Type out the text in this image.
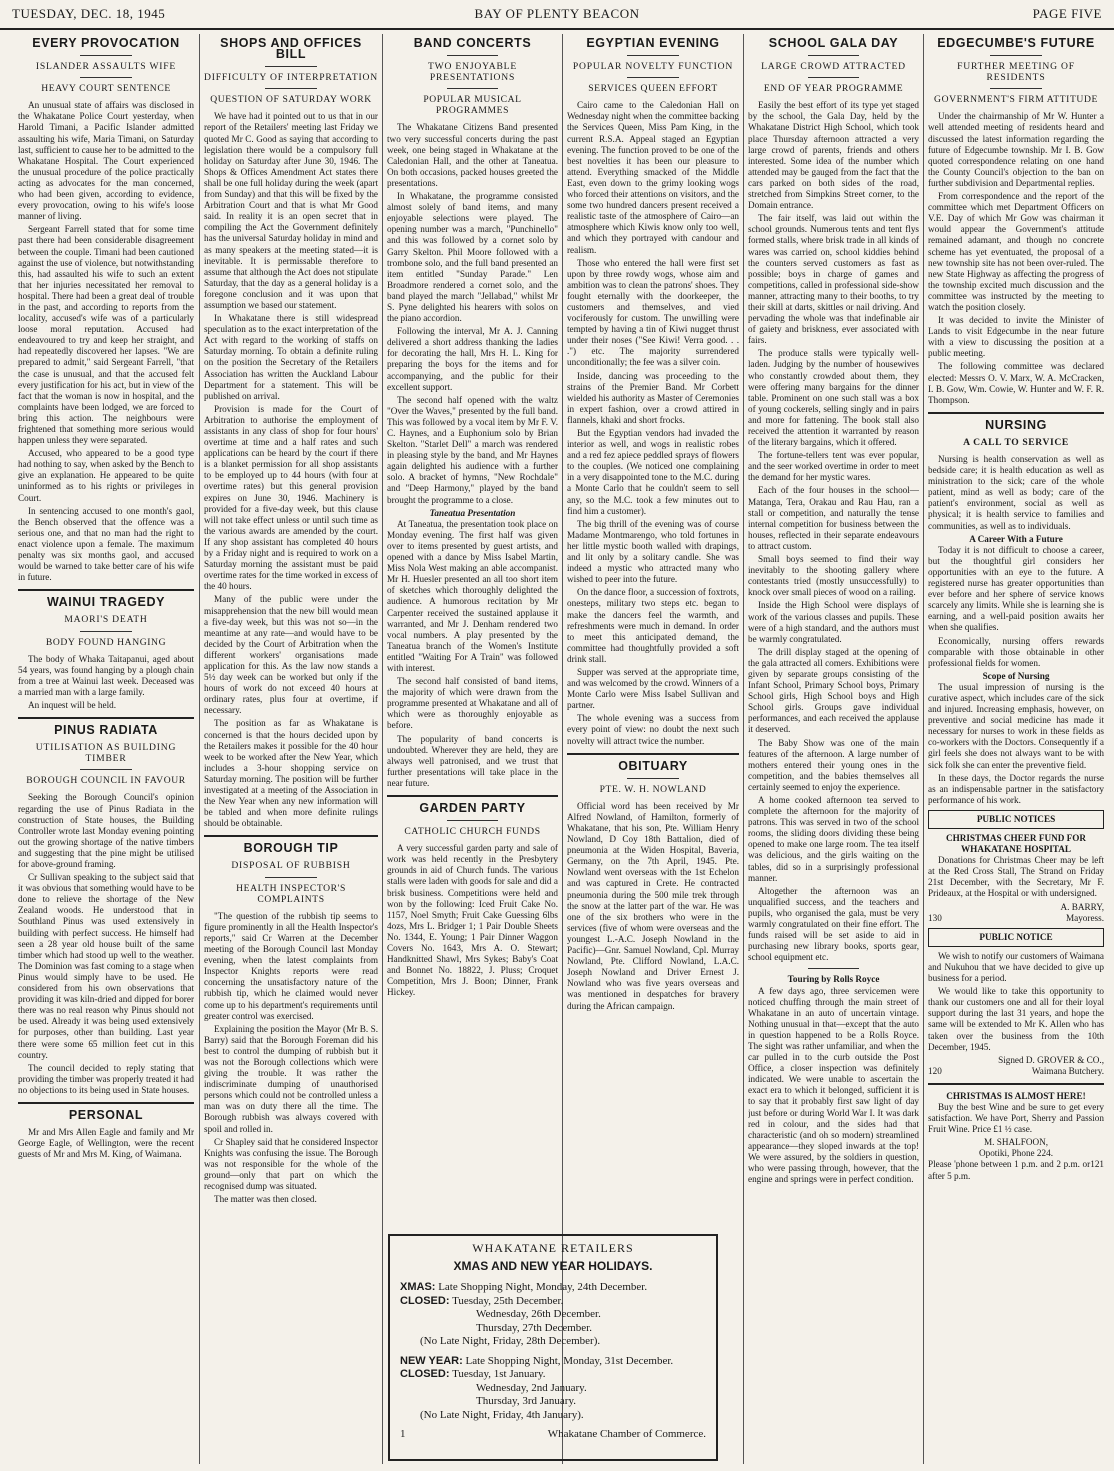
TUESDAY, DEC. 18, 1945	BAY OF PLENTY BEACON	PAGE FIVE
EVERY PROVOCATION
ISLANDER ASSAULTS WIFE
HEAVY COURT SENTENCE

An unusual state of affairs was disclosed in the Whakatane Police Court yesterday, when Harold Timani, a Pacific Islander admitted assaulting his wife, Maria Timani, on Saturday last, sufficient to cause her to be admitted to the Whakatane Hospital. The Court experienced the unusual procedure of the police practically acting as advocates for the man concerned, who had been given, according to evidence, every provocation, owing to his wife's loose manner of living.

Sergeant Farrell stated that for some time past there had been considerable disagreement between the couple. Timani had been cautioned against the use of violence, but notwithstanding this, had assaulted his wife to such an extent that her injuries necessitated her removal to hospital. There had been a great deal of trouble in the past, and according to reports from the locality, accused's wife was of a particularly loose moral reputation. Accused had endeavoured to try and keep her straight, and had repeatedly discovered her lapses. "We are prepared to admit," said Sergeant Farrell, "that the case is unusual, and that the accused felt every justification for his act, but in view of the fact that the woman is now in hospital, and the complaints have been lodged, we are forced to bring this action. The neighbours were frightened that something more serious would happen unless they were separated.

Accused, who appeared to be a good type had nothing to say, when asked by the Bench to give an explanation. He appeared to be quite uninformed as to his rights or privileges in Court.

In sentencing accused to one month's gaol, the Bench observed that the offence was a serious one, and that no man had the right to enact violence upon a female. The maximum penalty was six months gaol, and accused would be warned to take better care of his wife in future.

WAINUI TRAGEDY
MAORI'S DEATH
BODY FOUND HANGING

The body of Whaka Taitapanui, aged about 54 years, was found hanging by a plough chain from a tree at Wainui last week. Deceased was a married man with a large family.

An inquest will be held.

PINUS RADIATA
UTILISATION AS BUILDING TIMBER
BOROUGH COUNCIL IN FAVOUR

Seeking the Borough Council's opinion regarding the use of Pinus Radiata in the construction of State houses, the Building Controller wrote last Monday evening pointing out the growing shortage of the native timbers and suggesting that the pine might be utilised for above-ground framing.

Cr Sullivan speaking to the subject said that it was obvious that something would have to be done to relieve the shortage of the New Zealand woods. He understood that in Southland Pinus was used extensively in building with perfect success. He himself had seen a 28 year old house built of the same timber which had stood up well to the weather. The Dominion was fast coming to a stage when Pinus would simply have to be used. He considered from his own observations that providing it was kiln-dried and dipped for borer there was no real reason why Pinus should not be used. Already it was being used extensively for purposes, other than building. Last year there were some 65 million feet cut in this country.

The council decided to reply stating that providing the timber was properly treated it had no objections to its being used in State houses.

PERSONAL

Mr and Mrs Allen Eagle and family and Mr George Eagle, of Wellington, were the recent guests of Mr and Mrs M. King, of Waimana.

SHOPS AND OFFICES BILL
DIFFICULTY OF INTERPRETATION
QUESTION OF SATURDAY WORK

We have had it pointed out to us that in our report of the Retailers' meeting last Friday we quoted Mr C. Good as saying that according to legislation there would be a compulsory full holiday on Saturday after June 30, 1946. The Shops & Offices Amendment Act states there shall be one full holiday during the week (apart from Sunday) and that this will be fixed by the Arbitration Court and that is what Mr Good said. In reality it is an open secret that in compiling the Act the Government definitely has the universal Saturday holiday in mind and as many speakers at the meeting stated—it is inevitable. It is permissable therefore to assume that although the Act does not stipulate Saturday, that the day as a general holiday is a foregone conclusion and it was upon that assumption we based our statement.

In Whakatane there is still widespread speculation as to the exact interpretation of the Act with regard to the working of staffs on Saturday morning. To obtain a definite ruling on the position the Secretary of the Retailers Association has written the Auckland Labour Department for a statement. This will be published on arrival.

Provision is made for the Court of Arbitration to authorise the employment of assistants in any class of shop for four hours' overtime at time and a half rates and such applications can be heard by the court if there is a blanket permission for all shop assistants to be employed up to 44 hours (with four at overtime rates) but this general provision expires on June 30, 1946. Machinery is provided for a five-day week, but this clause will not take effect unless or until such time as the various awards are amended by the court. If any shop assistant has completed 40 hours by a Friday night and is required to work on a Saturday morning the assistant must be paid overtime rates for the time worked in excess of the 40 hours.

Many of the public were under the misapprehension that the new bill would mean a five-day week, but this was not so—in the meantime at any rate—and would have to be decided by the Court of Arbitration when the different workers' organisations made application for this. As the law now stands a 5½ day week can be worked but only if the hours of work do not exceed 40 hours at ordinary rates, plus four at overtime, if necessary.

The position as far as Whakatane is concerned is that the hours decided upon by the Retailers makes it possible for the 40 hour week to be worked after the New Year, which includes a 3-hour shopping service on Saturday morning. The position will be further investigated at a meeting of the Association in the New Year when any new information will be tabled and when more definite rulings should be obtainable.

BOROUGH TIP
DISPOSAL OF RUBBISH
HEALTH INSPECTOR'S COMPLAINTS

"The question of the rubbish tip seems to figure prominently in all the Health Inspector's reports," said Cr Warren at the December meeting of the Borough Council last Monday evening, when the latest complaints from Inspector Knights reports were read concerning the unsatisfactory nature of the rubbish tip, which he claimed would never come up to his department's requirements until greater control was exercised.

Explaining the position the Mayor (Mr B. S. Barry) said that the Borough Foreman did his best to control the dumping of rubbish but it was not the Borough collections which were giving the trouble. It was rather the indiscriminate dumping of unauthorised persons which could not be controlled unless a man was on duty there all the time. The Borough rubbish was always covered with spoil and rolled in.

Cr Shapley said that he considered Inspector Knights was confusing the issue. The Borough was not responsible for the whole of the ground—only that part on which the recognised dump was situated.

The matter was then closed.

BAND CONCERTS
TWO ENJOYABLE PRESENTATIONS
POPULAR MUSICAL PROGRAMMES

The Whakatane Citizens Band presented two very successful concerts during the past week, one being staged in Whakatane at the Caledonian Hall, and the other at Taneatua. On both occasions, packed houses greeted the presentations.

In Whakatane, the programme consisted almost solely of band items, and many enjoyable selections were played. The opening number was a march, "Punchinello" and this was followed by a cornet solo by Garry Skelton. Phil Moore followed with a trombone solo, and the full band presented an item entitled "Sunday Parade." Len Broadmore rendered a cornet solo, and the band played the march "Jellabad," whilst Mr S. Pyne delighted his hearers with solos on the piano accordion.

Following the interval, Mr A. J. Canning delivered a short address thanking the ladies for decorating the hall, Mrs H. L. King for preparing the boys for the items and for accompanying, and the public for their excellent support.

The second half opened with the waltz "Over the Waves," presented by the full band. This was followed by a vocal item by Mr F. V. C. Haynes, and a Euphonium solo by Brian Skelton. "Starlet Dell" a march was rendered in pleasing style by the band, and Mr Haynes again delighted his audience with a further solo. A bracket of hymns, "New Rochdale" and "Deep Harmony," played by the band brought the programme to a close.

Taneatua Presentation

At Taneatua, the presentation took place on Monday evening. The first half was given over to items presented by guest artists, and opened with a dance by Miss Isabel Martin, Miss Nola West making an able accompanist. Mr H. Huesler presented an all too short item of sketches which thoroughly delighted the audience. A humorous recitation by Mr Carpenter received the sustained applause it warranted, and Mr J. Denham rendered two vocal numbers. A play presented by the Taneatua branch of the Women's Institute entitled "Waiting For A Train" was followed with interest.

The second half consisted of band items, the majority of which were drawn from the programme presented at Whakatane and all of which were as thoroughly enjoyable as before.

The popularity of band concerts is undoubted. Wherever they are held, they are always well patronised, and we trust that further presentations will take place in the near future.

GARDEN PARTY
CATHOLIC CHURCH FUNDS

A very successful garden party and sale of work was held recently in the Presbytery grounds in aid of Church funds. The various stalls were laden with goods for sale and did a brisk business. Competitions were held and won by the following: Iced Fruit Cake No. 1157, Noel Smyth; Fruit Cake Guessing 6lbs 4ozs, Mrs L. Bridger 1; 1 Pair Double Sheets No. 1344, E. Young; 1 Pair Dinner Waggon Covers No. 1643, Mrs A. O. Stewart; Handknitted Shawl, Mrs Sykes; Baby's Coat and Bonnet No. 18822, J. Pluss; Croquet Competition, Mrs J. Boon; Dinner, Frank Hickey.

EGYPTIAN EVENING
POPULAR NOVELTY FUNCTION
SERVICES QUEEN EFFORT

Cairo came to the Caledonian Hall on Wednesday night when the committee backing the Services Queen, Miss Pam King, in the current R.S.A. Appeal staged an Egyptian evening. The function proved to be one of the best novelties it has been our pleasure to attend. Everything smacked of the Middle East, even down to the grimy looking wogs who forced their attentions on visitors, and the some two hundred dancers present received a realistic taste of the atmosphere of Cairo—an atmosphere which Kiwis know only too well, and which they portrayed with candour and realism.

Those who entered the hall were first set upon by three rowdy wogs, whose aim and ambition was to clean the patrons' shoes. They fought eternally with the doorkeeper, the customers and themselves, and vied vociferously for custom. The unwilling were tempted by having a tin of Kiwi nugget thrust under their noses ("See Kiwi! Verra good. . . .") etc. The majority surrendered unconditionally; the fee was a silver coin.

Inside, dancing was proceeding to the strains of the Premier Band. Mr Corbett wielded his authority as Master of Ceremonies in expert fashion, over a crowd attired in flannels, khaki and short frocks.

But the Egyptian vendors had invaded the interior as well, and wogs in realistic robes and a red fez apiece peddled sprays of flowers to the couples. (We noticed one complaining in a very disappointed tone to the M.C. during a Monte Carlo that he couldn't seem to sell any, so the M.C. took a few minutes out to find him a customer).

The big thrill of the evening was of course Madame Montmarengo, who told fortunes in her little mystic booth walled with drapings, and lit only by a solitary candle. She was indeed a mystic who attracted many who wished to peer into the future.

On the dance floor, a succession of foxtrots, onesteps, military two steps etc. began to make the dancers feel the warmth, and refreshments were much in demand. In order to meet this anticipated demand, the committee had thoughtfully provided a soft drink stall.

Supper was served at the appropriate time, and was welcomed by the crowd. Winners of a Monte Carlo were Miss Isabel Sullivan and partner.

The whole evening was a success from every point of view: no doubt the next such novelty will attract twice the number.

OBITUARY
PTE. W. H. NOWLAND

Official word has been received by Mr Alfred Nowland, of Hamilton, formerly of Whakatane, that his son, Pte. William Henry Nowland, D Coy 18th Battalion, died of pneumonia at the Widen Hospital, Baveria, Germany, on the 7th April, 1945. Pte. Nowland went overseas with the 1st Echelon and was captured in Crete. He contracted pneumonia during the 500 mile trek through the snow at the latter part of the war. He was one of the six brothers who were in the services (five of whom were overseas and the youngest L.-A.C. Joseph Nowland in the Pacific)—Gnr. Samuel Nowland, Cpl. Murray Nowland, Pte. Clifford Nowland, L.A.C. Joseph Nowland and Driver Ernest J. Nowland who was five years overseas and was mentioned in despatches for bravery during the African campaign.

SCHOOL GALA DAY
LARGE CROWD ATTRACTED
END OF YEAR PROGRAMME

Easily the best effort of its type yet staged by the school, the Gala Day, held by the Whakatane District High School, which took place Thursday afternoon attracted a very large crowd of parents, friends and others interested. Some idea of the number which attended may be gauged from the fact that the cars parked on both sides of the road, stretched from Simpkins Street corner, to the Domain entrance.

The fair itself, was laid out within the school grounds. Numerous tents and tent flys formed stalls, where brisk trade in all kinds of wares was carried on, school kiddies behind the counters served customers as fast as possible; boys in charge of games and competitions, called in professional side-show manner, attracting many to their booths, to try their skill at darts, skittles or nail driving. And pervading the whole was that indefinable air of gaiety and briskness, ever associated with fairs.

The produce stalls were typically well-laden. Judging by the number of housewives who constantly crowded about them, they were offering many bargains for the dinner table. Prominent on one such stall was a box of young cockerels, selling singly and in pairs and more for fattening. The book stall also received the attention it warranted by reason of the literary bargains, which it offered.

The fortune-tellers tent was ever popular, and the seer worked overtime in order to meet the demand for her mystic wares.

Each of the four houses in the school—Matanga, Tera, Orakau and Rau Hau, ran a stall or competition, and naturally the tense internal competition for business between the houses, reflected in their separate endeavours to attract custom.

Small boys seemed to find their way inevitably to the shooting gallery where contestants tried (mostly unsuccessfully) to knock over small pieces of wood on a railing.

Inside the High School were displays of work of the various classes and pupils. These were of a high standard, and the authors must be warmly congratulated.

The drill display staged at the opening of the gala attracted all comers. Exhibitions were given by separate groups consisting of the Infant School, Primary School boys, Primary School girls, High School boys and High School girls. Groups gave individual performances, and each received the applause it deserved.

The Baby Show was one of the main features of the afternoon. A large number of mothers entered their young ones in the competition, and the babies themselves all certainly seemed to enjoy the experience.

A home cooked afternoon tea served to complete the afternoon for the majority of patrons. This was served in two of the school rooms, the sliding doors dividing these being opened to make one large room. The tea itself was delicious, and the girls waiting on the tables, did so in a surprisingly professional manner.

Altogether the afternoon was an unqualified success, and the teachers and pupils, who organised the gala, must be very warmly congratulated on their fine effort. The funds raised will be set aside to aid in purchasing new library books, sports gear, school equipment etc.

Touring by Rolls Royce

A few days ago, three servicemen were noticed chuffing through the main street of Whakatane in an auto of uncertain vintage. Nothing unusual in that—except that the auto in question happened to be a Rolls Royce. The sight was rather unfamiliar, and when the car pulled in to the curb outside the Post Office, a closer inspection was definitely indicated. We were unable to ascertain the exact era to which it belonged, sufficient it is to say that it probably first saw light of day just before or during World War I. It was dark red in colour, and the sides had that characteristic (and oh so modern) streamlined appearance—they sloped inwards at the top! We were assured, by the soldiers in question, who were passing through, however, that the engine and springs were in perfect condition.

EDGECUMBE'S FUTURE
FURTHER MEETING OF RESIDENTS
GOVERNMENT'S FIRM ATTITUDE

Under the chairmanship of Mr W. Hunter a well attended meeting of residents heard and discussed the latest information regarding the future of Edgecumbe township. Mr I. B. Gow quoted correspondence relating on one hand the County Council's objection to the ban on further subdivision and Departmental replies.

From correspondence and the report of the committee which met Department Officers on V.E. Day of which Mr Gow was chairman it would appear the Government's attitude remained adamant, and though no concrete scheme has yet eventuated, the proposal of a new township site has not been over-ruled. The new State Highway as affecting the progress of the township excited much discussion and the committee was instructed by the meeting to watch the position closely.

It was decided to invite the Minister of Lands to visit Edgecumbe in the near future with a view to discussing the position at a public meeting.

The following committee was declared elected: Messrs O. V. Marx, W. A. McCracken, I. B. Gow, Wm. Cowie, W. Hunter and W. F. R. Thompson.

NURSING
A CALL TO SERVICE

Nursing is health conservation as well as bedside care; it is health education as well as ministration to the sick; care of the whole patient, mind as well as body; care of the patient's environment, social as well as physical; it is health service to families and communities, as well as to individuals.

A Career With a Future

Today it is not difficult to choose a career, but the thoughtful girl considers her opportunities with an eye to the future. A registered nurse has greater opportunities than ever before and her sphere of service knows scarcely any limits. While she is learning she is earning, and a well-paid position awaits her when she qualifies.

Economically, nursing offers rewards comparable with those obtainable in other professional fields for women.

Scope of Nursing

The usual impression of nursing is the curative aspect, which includes care of the sick and injured. Increasing emphasis, however, on preventive and social medicine has made it necessary for nurses to work in these fields as co-workers with the Doctors. Consequently if a girl feels she does not always want to be with sick folk she can enter the preventive field.

In these days, the Doctor regards the nurse as an indispensable partner in the satisfactory performance of his work.

PUBLIC NOTICES
CHRISTMAS CHEER FUND FOR WHAKATANE HOSPITAL

Donations for Christmas Cheer may be left at the Red Cross Stall, The Strand on Friday 21st December, with the Secretary, Mr F. Prideaux, at the Hospital or with undersigned.

A. BARRY,
130	Mayoress.
PUBLIC NOTICE

We wish to notify our customers of Waimana and Nukuhou that we have decided to give up business for a period.

We would like to take this opportunity to thank our customers one and all for their loyal support during the last 31 years, and hope the same will be extended to Mr K. Allen who has taken over the business from the 10th December, 1945.

Signed D. GROVER & CO.,
120	Waimana Butchery.
CHRISTMAS IS ALMOST HERE!

Buy the best Wine and be sure to get every satisfaction. We have Port, Sherry and Passion Fruit Wine. Price £1 ½ case.

M. SHALFOON,
Opotiki, Phone 224.
Please 'phone between 1 p.m. and 2 p.m. or after 5 p.m.
121
WHAKATANE RETAILERS
XMAS AND NEW YEAR HOLIDAYS.
XMAS: Late Shopping Night, Monday, 24th December.
CLOSED: Tuesday, 25th December.
Wednesday, 26th December.
Thursday, 27th December.
(No Late Night, Friday, 28th December).
NEW YEAR: Late Shopping Night, Monday, 31st December.
CLOSED: Tuesday, 1st January.
Wednesday, 2nd January.
Thursday, 3rd January.
(No Late Night, Friday, 4th January).
1	Whakatane Chamber of Commerce.
